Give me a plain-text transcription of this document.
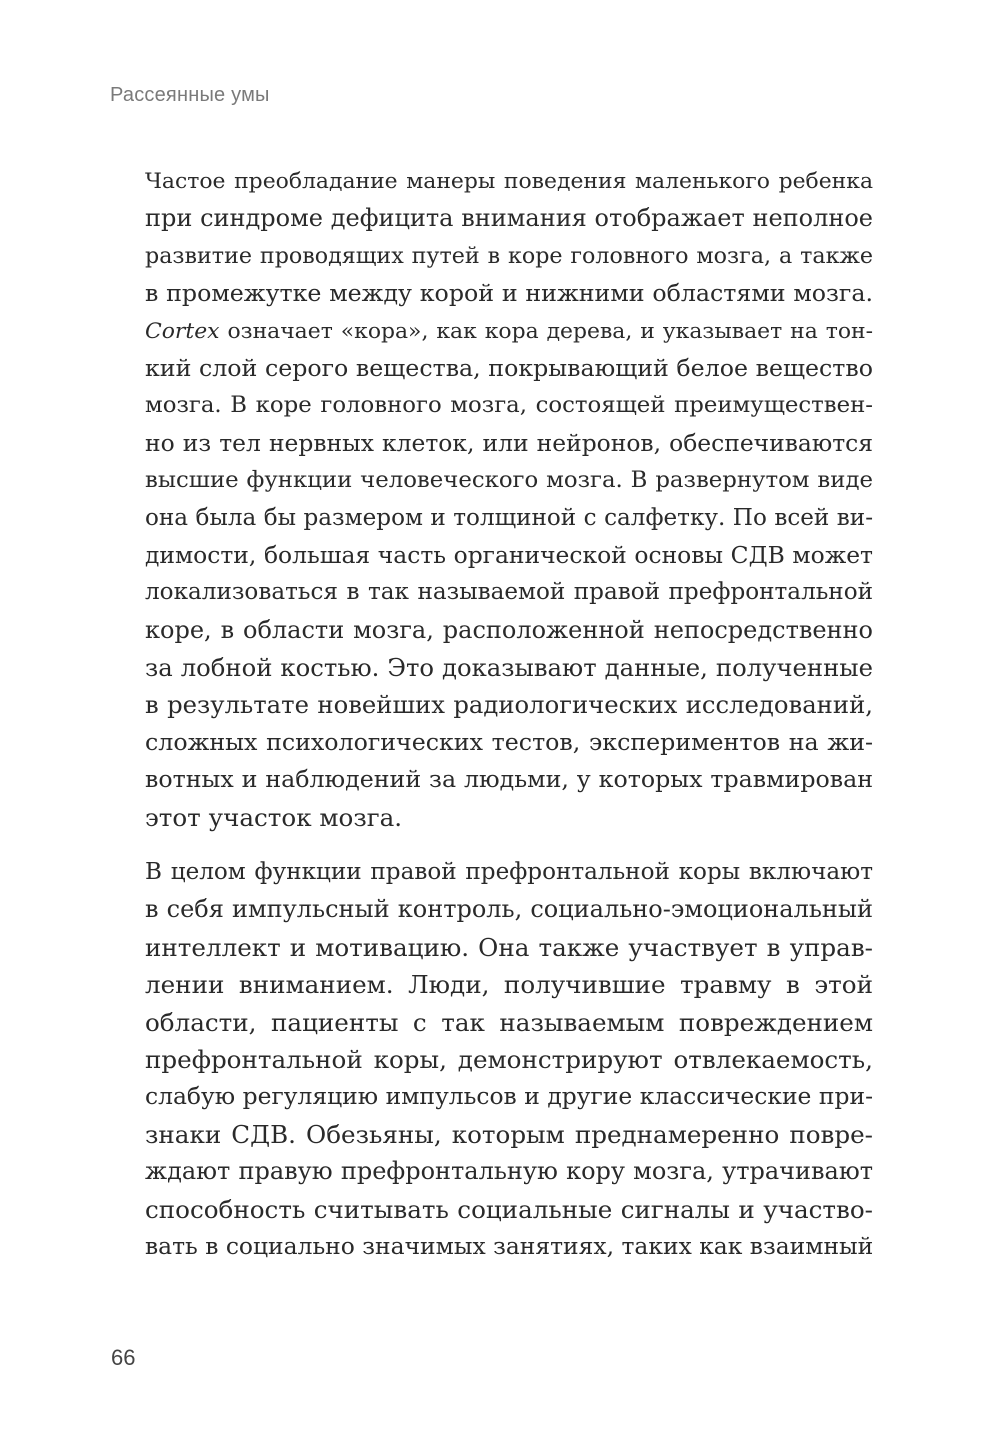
Рассеянные умы
Частое преобладание манеры поведения маленького ребенка
при синдроме дефицита внимания отображает неполное
развитие проводящих путей в коре головного мозга, а также
в промежутке между корой и нижними областями мозга.
Cortex означает «кора», как кора дерева, и указывает на тон-
кий слой серого вещества, покрывающий белое вещество
мозга. В коре головного мозга, состоящей преимуществен-
но из тел нервных клеток, или нейронов, обеспечиваются
высшие функции человеческого мозга. В развернутом виде
она была бы размером и толщиной с салфетку. По всей ви-
димости, большая часть органической основы СДВ может
локализоваться в так называемой правой префронтальной
коре, в области мозга, расположенной непосредственно
за лобной костью. Это доказывают данные, полученные
в результате новейших радиологических исследований,
сложных психологических тестов, экспериментов на жи-
вотных и наблюдений за людьми, у которых травмирован
этот участок мозга.
В целом функции правой префронтальной коры включают
в себя импульсный контроль, социально-эмоциональный
интеллект и мотивацию. Она также участвует в управ-
лении вниманием. Люди, получившие травму в этой
области, пациенты с так называемым повреждением
префронтальной коры, демонстрируют отвлекаемость,
слабую регуляцию импульсов и другие классические при-
знаки СДВ. Обезьяны, которым преднамеренно повре-
ждают правую префронтальную кору мозга, утрачивают
способность считывать социальные сигналы и участво-
вать в социально значимых занятиях, таких как взаимный
66
